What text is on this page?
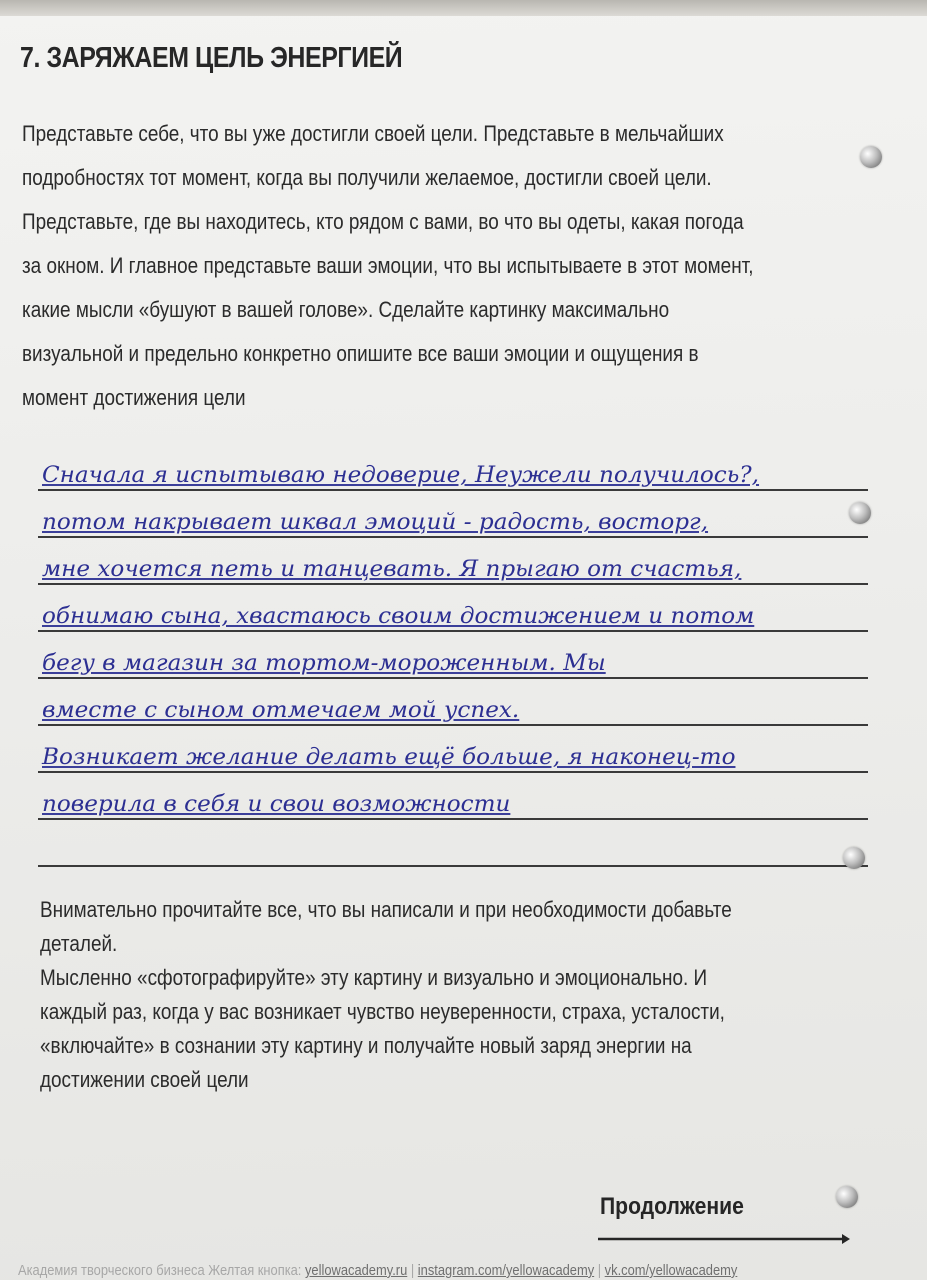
7. ЗАРЯЖАЕМ ЦЕЛЬ ЭНЕРГИЕЙ
Представьте себе, что вы уже достигли своей цели. Представьте в мельчайших
подробностях тот момент, когда вы получили желаемое, достигли своей цели.
Представьте, где вы находитесь, кто рядом с вами, во что вы одеты, какая погода
за окном. И главное представьте ваши эмоции, что вы испытываете в этот момент,
какие мысли «бушуют в вашей голове». Сделайте картинку максимально
визуальной и предельно конкретно опишите все ваши эмоции и ощущения в
момент достижения цели
Сначала я испытываю недоверие, Неужели получилось?,
потом накрывает шквал эмоций - радость, восторг,
мне хочется петь и танцевать. Я прыгаю от счастья,
обнимаю сына, хвастаюсь своим достижением и потом
бегу в магазин за тортом-мороженным. Мы
вместе с сыном отмечаем мой успех.
Возникает желание делать ещё больше, я наконец-то
поверила в себя и свои возможности
Внимательно прочитайте все, что вы написали и при необходимости добавьте
деталей.
Мысленно «сфотографируйте» эту картину и визуально и эмоционально. И
каждый раз, когда у вас возникает чувство неуверенности, страха, усталости,
«включайте» в сознании эту картину и получайте новый заряд энергии на
достижении своей цели
Продолжение
Академия творческого бизнеса Желтая кнопка: yellowacademy.ru | instagram.com/yellowacademy | vk.com/yellowacademy
